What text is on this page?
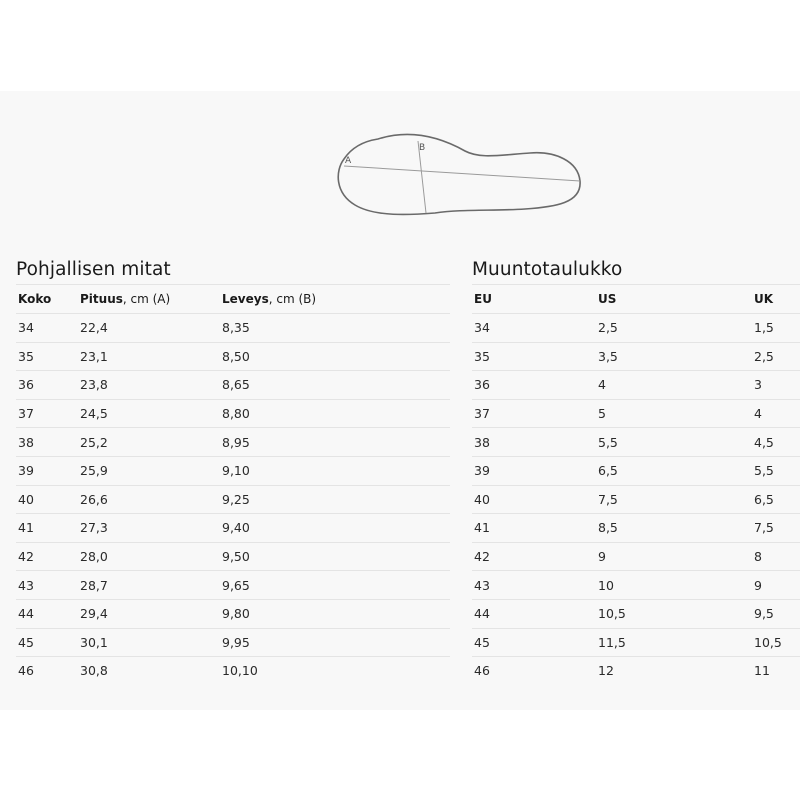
A
B
Pohjallisen mitat
Koko	Pituus, cm (A)	Leveys, cm (B)
34	22,4	8,35
35	23,1	8,50
36	23,8	8,65
37	24,5	8,80
38	25,2	8,95
39	25,9	9,10
40	26,6	9,25
41	27,3	9,40
42	28,0	9,50
43	28,7	9,65
44	29,4	9,80
45	30,1	9,95
46	30,8	10,10
Muuntotaulukko
EU	US	UK
34	2,5	1,5
35	3,5	2,5
36	4	3
37	5	4
38	5,5	4,5
39	6,5	5,5
40	7,5	6,5
41	8,5	7,5
42	9	8
43	10	9
44	10,5	9,5
45	11,5	10,5
46	12	11
